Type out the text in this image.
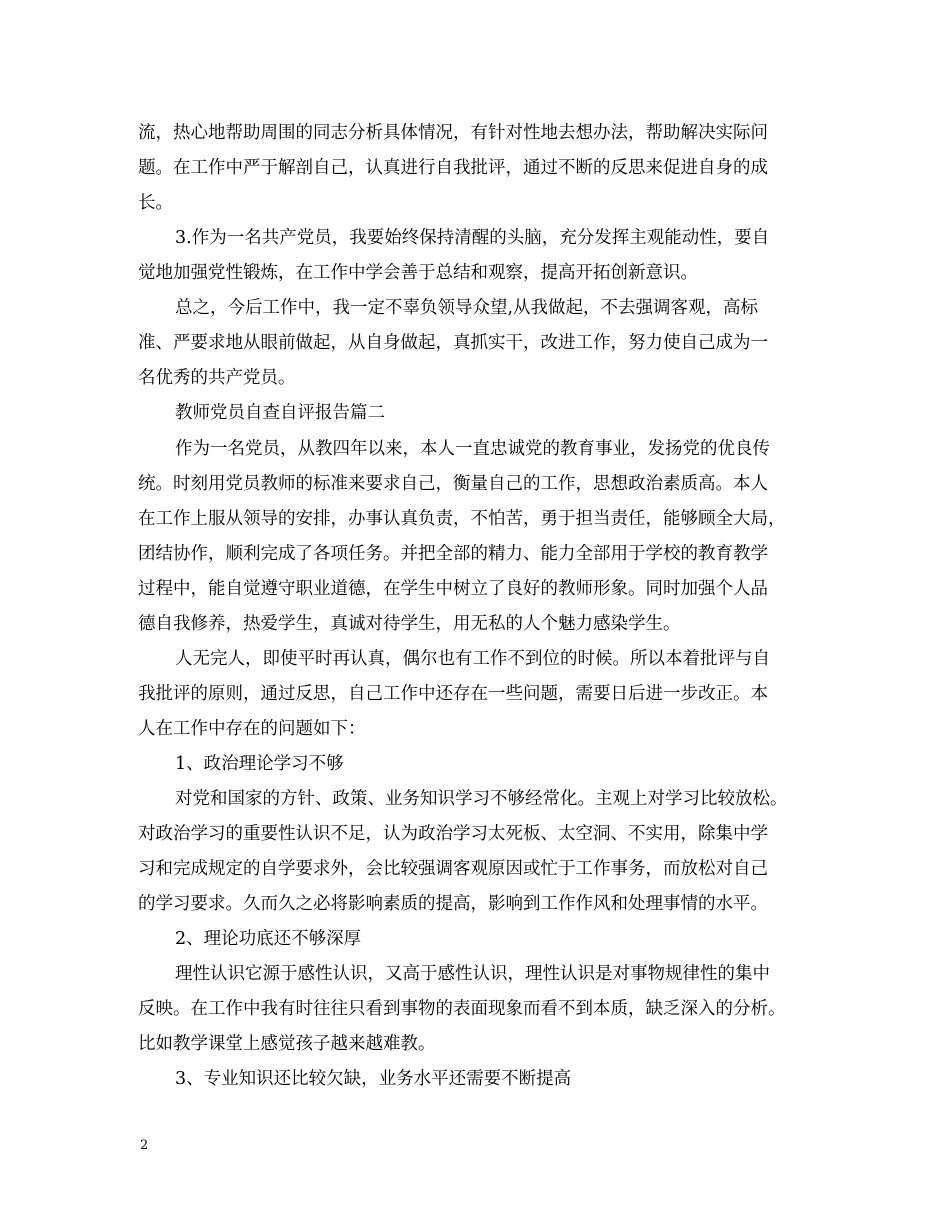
流，热心地帮助周围的同志分析具体情况，有针对性地去想办法，帮助解决实际问
题。在工作中严于解剖自己，认真进行自我批评，通过不断的反思来促进自身的成
长。
3.作为一名共产党员，我要始终保持清醒的头脑，充分发挥主观能动性，要自
觉地加强党性锻炼，在工作中学会善于总结和观察，提高开拓创新意识。
总之，今后工作中，我一定不辜负领导众望,从我做起，不去强调客观，高标
准、严要求地从眼前做起，从自身做起，真抓实干，改进工作，努力使自己成为一
名优秀的共产党员。
教师党员自查自评报告篇二
作为一名党员，从教四年以来，本人一直忠诚党的教育事业，发扬党的优良传
统。时刻用党员教师的标准来要求自己，衡量自己的工作，思想政治素质高。本人
在工作上服从领导的安排，办事认真负责，不怕苦，勇于担当责任，能够顾全大局，
团结协作，顺利完成了各项任务。并把全部的精力、能力全部用于学校的教育教学
过程中，能自觉遵守职业道德，在学生中树立了良好的教师形象。同时加强个人品
德自我修养，热爱学生，真诚对待学生，用无私的人个魅力感染学生。
人无完人，即使平时再认真，偶尔也有工作不到位的时候。所以本着批评与自
我批评的原则，通过反思，自己工作中还存在一些问题，需要日后进一步改正。本
人在工作中存在的问题如下：
1、政治理论学习不够
对党和国家的方针、政策、业务知识学习不够经常化。主观上对学习比较放松。
对政治学习的重要性认识不足，认为政治学习太死板、太空洞、不实用，除集中学
习和完成规定的自学要求外，会比较强调客观原因或忙于工作事务，而放松对自己
的学习要求。久而久之必将影响素质的提高，影响到工作作风和处理事情的水平。
2、理论功底还不够深厚
理性认识它源于感性认识，又高于感性认识，理性认识是对事物规律性的集中
反映。在工作中我有时往往只看到事物的表面现象而看不到本质，缺乏深入的分析。
比如教学课堂上感觉孩子越来越难教。
3、专业知识还比较欠缺，业务水平还需要不断提高
2
